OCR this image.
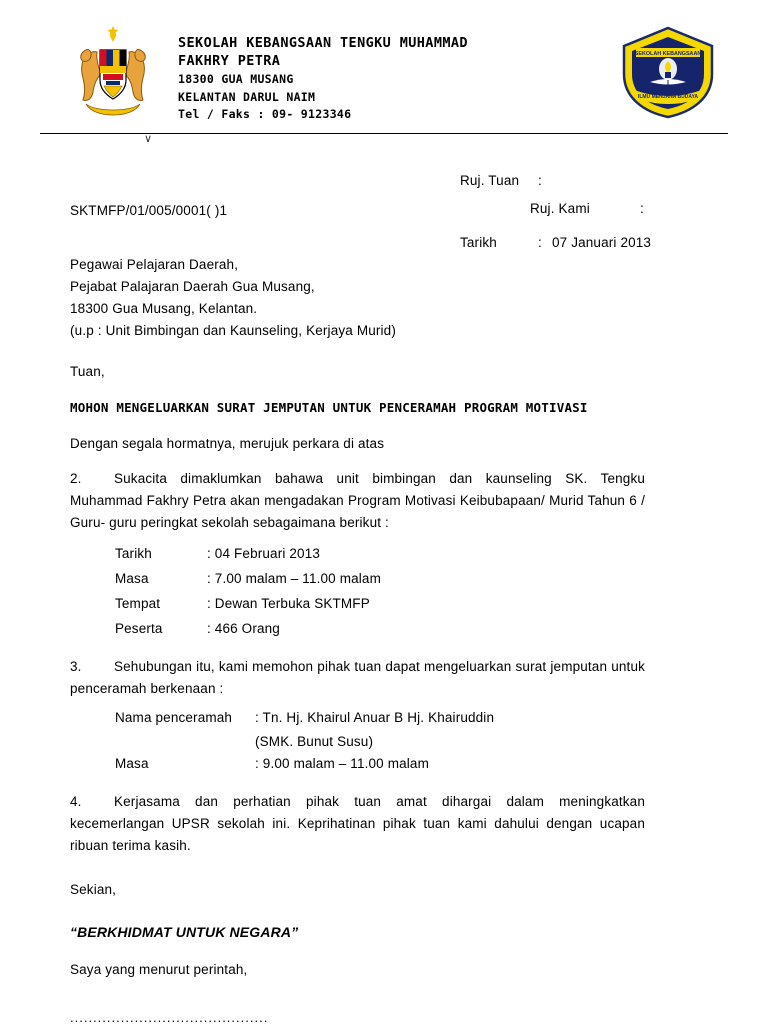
SEKOLAH KEBANGSAAN TENGKU MUHAMMAD
FAKHRY PETRA
18300 GUA MUSANG
KELANTAN DARUL NAIM
Tel / Faks : 09- 9123346
SEKOLAH KEBANGSAAN
ILMU MENJANA BUDAYA
∨
Ruj. Tuan	:
Ruj. Kami	:
Tarikh	: 07 Januari 2013
SKTMFP/01/005/0001( )1
Pegawai Pelajaran Daerah,
Pejabat Palajaran Daerah Gua Musang,
18300 Gua Musang, Kelantan.
(u.p : Unit Bimbingan dan Kaunseling, Kerjaya Murid)
Tuan,
MOHON MENGELUARKAN SURAT JEMPUTAN UNTUK PENCERAMAH PROGRAM MOTIVASI
Dengan segala hormatnya, merujuk perkara di atas
2. Sukacita dimaklumkan bahawa unit bimbingan dan kaunseling SK. Tengku Muhammad Fakhry Petra akan mengadakan Program Motivasi Keibubapaan/ Murid Tahun 6 / Guru- guru peringkat sekolah sebagaimana berikut :
Tarikh	: 04 Februari 2013
Masa	: 7.00 malam – 11.00 malam
Tempat	: Dewan Terbuka SKTMFP
Peserta	: 466 Orang
3. Sehubungan itu, kami memohon pihak tuan dapat mengeluarkan surat jemputan untuk penceramah berkenaan :
Nama penceramah	: Tn. Hj. Khairul Anuar B Hj. Khairuddin
(SMK. Bunut Susu)
Masa	: 9.00 malam – 11.00 malam
4. Kerjasama dan perhatian pihak tuan amat dihargai dalam meningkatkan kecemerlangan UPSR sekolah ini. Keprihatinan pihak tuan kami dahului dengan ucapan ribuan terima kasih.
Sekian,
“BERKHIDMAT UNTUK NEGARA”
Saya yang menurut perintah,
...........................................
